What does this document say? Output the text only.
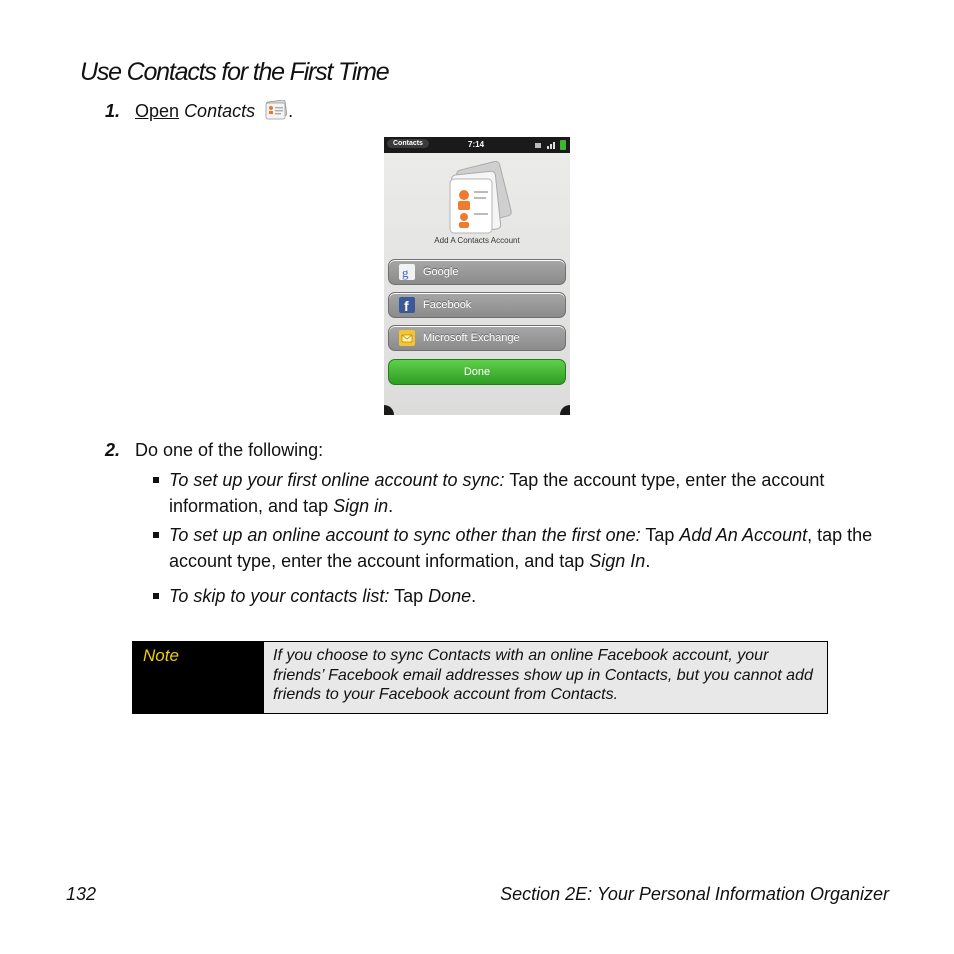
Use Contacts for the First Time
1. Open Contacts .
Contacts	7:14
Add A Contacts Account
g Google
f Facebook
Microsoft Exchange
Done
2. Do one of the following:
To set up your first online account to sync: Tap the account type, enter the account information, and tap Sign in.
To set up an online account to sync other than the first one: Tap Add An Account, tap the account type, enter the account information, and tap Sign In.
To skip to your contacts list: Tap Done.
Note	If you choose to sync Contacts with an online Facebook account, your friends’ Facebook email addresses show up in Contacts, but you cannot add friends to your Facebook account from Contacts.
132	Section 2E: Your Personal Information Organizer
